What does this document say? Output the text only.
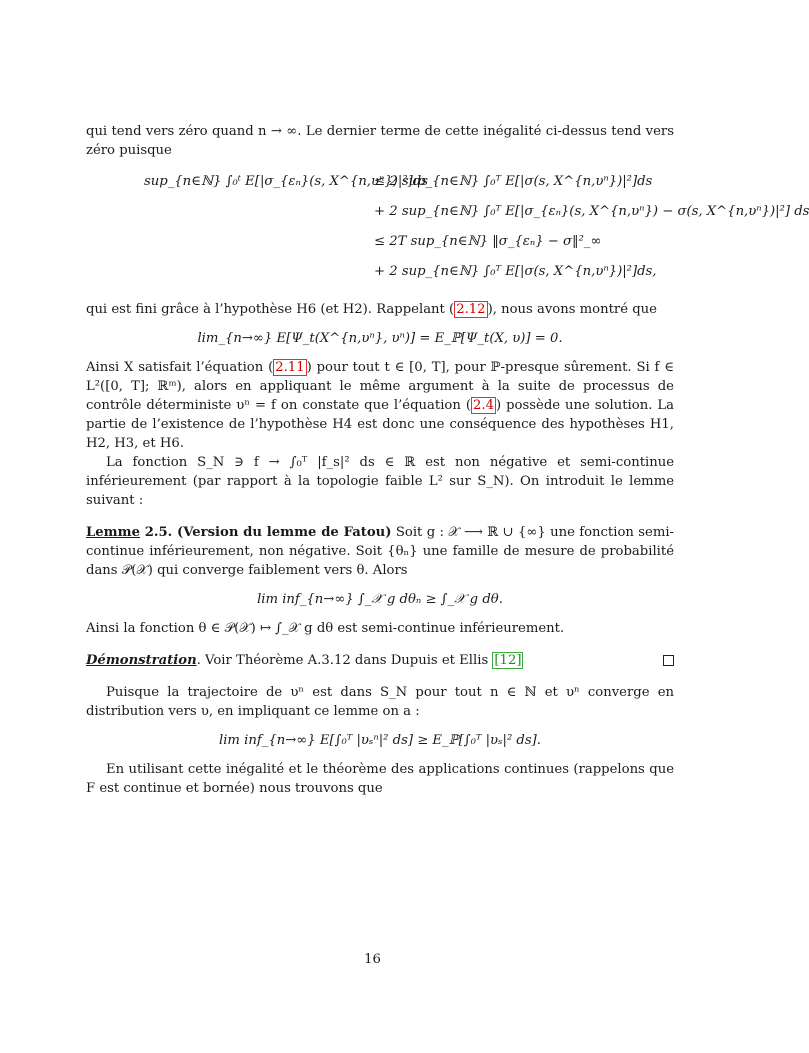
qui tend vers zéro quand n → ∞. Le dernier terme de cette inégalité ci-dessus tend vers zéro puisque

sup_{n∈ℕ} ∫₀ᵗ E[|σ_{εₙ}(s, X^{n,υⁿ})|²]ds
≤ 2 sup_{n∈ℕ} ∫₀ᵀ E[|σ(s, X^{n,υⁿ})|²]ds
+ 2 sup_{n∈ℕ} ∫₀ᵀ E[|σ_{εₙ}(s, X^{n,υⁿ}) − σ(s, X^{n,υⁿ})|²] ds
≤ 2T sup_{n∈ℕ} ‖σ_{εₙ} − σ‖²_∞
+ 2 sup_{n∈ℕ} ∫₀ᵀ E[|σ(s, X^{n,υⁿ})|²]ds,

qui est fini grâce à l’hypothèse H6 (et H2). Rappelant ( 2.12 ), nous avons montré que

lim_{n→∞} E[Ψ_t(X^{n,υⁿ}, υⁿ)] = E_ℙ[Ψ_t(X, υ)] = 0.

Ainsi X satisfait l’équation ( 2.11 ) pour tout t ∈ [0, T], pour ℙ-presque sûrement. Si f ∈ L²([0, T]; ℝᵐ), alors en appliquant le même argument à la suite de processus de contrôle déterministe υⁿ = f on constate que l’équation ( 2.4 ) possède une solution. La partie de l’existence de l’hypothèse H4 est donc une conséquence des hypothèses H1, H2, H3, et H6.

La fonction S_N ∋ f → ∫₀ᵀ |f_s|² ds ∈ ℝ est non négative et semi-continue inférieurement (par rapport à la topologie faible L² sur S_N). On introduit le lemme suivant :

Lemme 2.5. (Version du lemme de Fatou) Soit g : 𝒳 ⟶ ℝ ∪ {∞} une fonction semi-continue inférieurement, non négative. Soit {θₙ} une famille de mesure de probabilité dans 𝒫(𝒳) qui converge faiblement vers θ. Alors

lim inf_{n→∞} ∫_𝒳 g dθₙ ≥ ∫_𝒳 g dθ.

Ainsi la fonction θ ∈ 𝒫(𝒳) ↦ ∫_𝒳 g dθ est semi-continue inférieurement.

Démonstration. Voir Théorème A.3.12 dans Dupuis et Ellis [12]

Puisque la trajectoire de υⁿ est dans S_N pour tout n ∈ ℕ et υⁿ converge en distribution vers υ, en impliquant ce lemme on a :

lim inf_{n→∞} E[∫₀ᵀ |υₛⁿ|² ds] ≥ E_ℙ[∫₀ᵀ |υₛ|² ds].

En utilisant cette inégalité et le théorème des applications continues (rappelons que F est continue et bornée) nous trouvons que

16
